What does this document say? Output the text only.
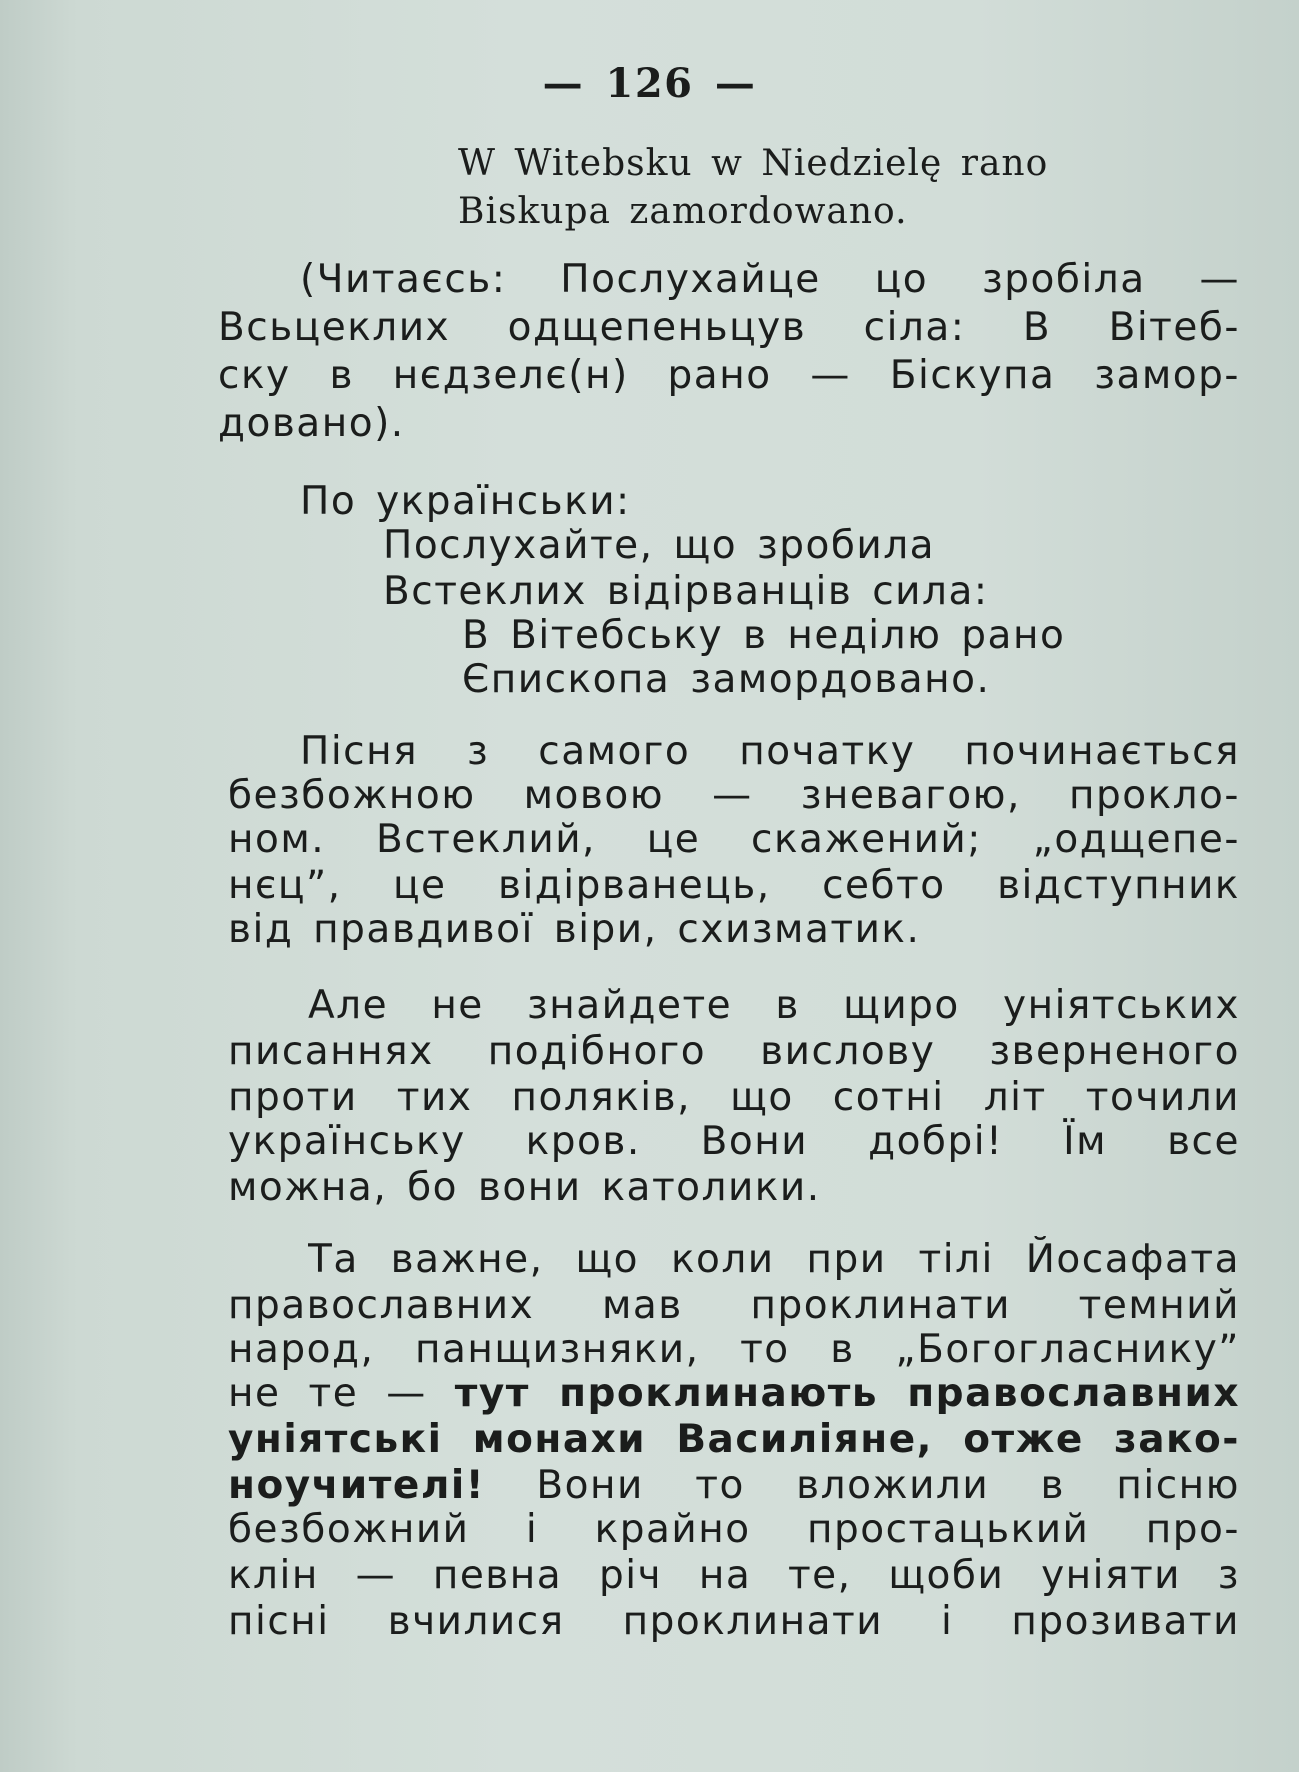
— 126 —
W Witebsku w Niedzielę rano
Biskupa zamordowano.
(Читаєсь: Послухайце цо зробіла —
Всьцеклих одщепеньцув сіла: В Вітеб-
ску в нєдзелє(н) рано — Біскупа замор-
довано).
По українськи:
Послухайте, що зробила
Встеклих відірванців сила:
В Вітебську в неділю рано
Єпископа замордовано.
Пісня з самого початку починається
безбожною мовою — зневагою, прокло-
ном. Встеклий, це скажений; „одщепе-
нєц”, це відірванець, себто відступник
від правдивої віри, схизматик.
Але не знайдете в щиро уніятських
писаннях подібного вислову зверненого
проти тих поляків, що сотні літ точили
українську кров. Вони добрі! Їм все
можна, бо вони католики.
Та важне, що коли при тілі Йосафата
православних мав проклинати темний
народ, панщизняки, то в „Богогласнику”
не те — тут проклинають православних
уніятські монахи Василіяне, отже зако-
ноучителі! Вони то вложили в пісню
безбожний і крайно простацький про-
клін — певна річ на те, щоби уніяти з
пісні вчилися проклинати і прозивати
